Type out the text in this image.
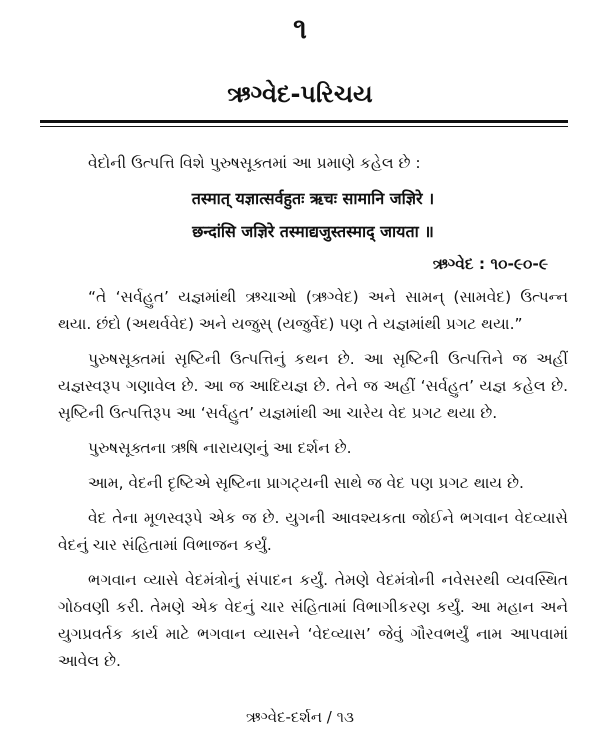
૧
ઋગ્વેદ-પરિચય

વેદોની ઉત્પત્તિ વિશે પુરુષસૂક્તમાં આ પ્રમાણે કહેલ છે :

तस्मात् यज्ञात्सर्वहुतः ऋचः सामानि जज्ञिरे ।

छन्दांसि जज्ञिरे तस्माद्यजुस्तस्माद् जायता ॥

ઋગ્વેદ : ૧૦-૯૦-૯

“તે ‘સર્વહુત’ યજ્ઞમાંથી ઋચાઓ (ઋગ્વેદ) અને સામન્ (સામવેદ) ઉત્પન્ન થયા. છંદો (અથર્વવેદ) અને યજુસ્ (યજુર્વેદ) પણ તે યજ્ઞમાંથી પ્રગટ થયા.”

પુરુષસૂક્તમાં સૃષ્ટિની ઉત્પત્તિનું કથન છે. આ સૃષ્ટિની ઉત્પત્તિને જ અહીં યજ્ઞસ્વરૂપ ગણાવેલ છે. આ જ આદિયજ્ઞ છે. તેને જ અહીં ‘સર્વહુત’ યજ્ઞ કહેલ છે. સૃષ્ટિની ઉત્પત્તિરૂપ આ ‘સર્વહુત’ યજ્ઞમાંથી આ ચારેય વેદ પ્રગટ થયા છે.

પુરુષસૂક્તના ઋષિ નારાયણનું આ દર્શન છે.

આમ, વેદની દૃષ્ટિએ સૃષ્ટિના પ્રાગટ્યની સાથે જ વેદ પણ પ્રગટ થાય છે.

વેદ તેના મૂળસ્વરૂપે એક જ છે. યુગની આવશ્યકતા જોઈને ભગવાન વેદવ્યાસે વેદનું ચાર સંહિતામાં વિભાજન કર્યું.

ભગવાન વ્યાસે વેદમંત્રોનું સંપાદન કર્યું. તેમણે વેદમંત્રોની નવેસરથી વ્યવસ્થિત ગોઠવણી કરી. તેમણે એક વેદનું ચાર સંહિતામાં વિભાગીકરણ કર્યું. આ મહાન અને યુગપ્રવર્તક કાર્ય માટે ભગવાન વ્યાસને ‘વેદવ્યાસ’ જેવું ગૌરવભર્યું નામ આપવામાં આવેલ છે.

ઋગ્વેદ-દર્શન / ૧૩
